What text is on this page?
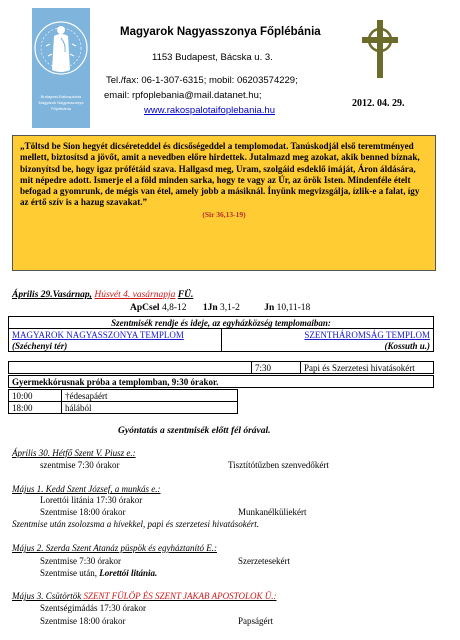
Budapest-Rákospalota
Magyarok Nagyasszonya
Főplébánia
Magyarok Nagyasszonya Főplébánia
1153 Budapest, Bácska u. 3.
Tel./fax: 06-1-307-6315; mobil: 06203574229;
email: rpfoplebania@mail.datanet.hu;
www.rakospalotaifoplebania.hu
2012. 04. 29.
„Töltsd be Sion hegyét dicséreteddel és dicsőségeddel a templomodat. Tanúskodjál első teremtményed mellett, biztosítsd a jövőt, amit a nevedben előre hirdettek. Jutalmazd meg azokat, akik benned bíznak, bizonyítsd be, hogy igaz prófétáid szava. Hallgasd meg, Uram, szolgáid esdeklő imáját, Áron áldására, mit népedre adott. Ismerje el a föld minden sarka, hogy te vagy az Úr, az örök Isten. Mindenféle ételt befogad a gyomrunk, de mégis van étel, amely jobb a másiknál. Ínyünk megvizsgálja, ízlik-e a falat, így az értő szív is a hazug szavakat.”
(Sir 36,13-19)
Április 29.Vasárnap, Húsvét 4. vasárnapja FÜ.
ApCsel 4,8-12 1Jn 3,1-2	Jn 10,11-18
Szentmisék rendje és ideje, az egyházközség templomaiban:	
MAGYAROK NAGYASSZONYA TEMPLOM	SZENTHÁROMSÁG TEMPLOM
(Széchenyi tér)	(Kossuth u.)
	7:30	Papi és Szerzetesi hivatásokért
Gyermekkórusnak próba a templomban, 9:30 órakor.
10:00	†édesapáért
18:00	hálából
Gyóntatás a szentmisék előtt fél órával.
Április 30. Hétfő Szent V. Piusz e.:
szentmise 7:30 órakor	Tisztítótűzben szenvedőkért
Május 1. Kedd Szent József, a munkás e.:
Lorettói litánia 17:30 órakor
Szentmise 18:00 órakor	Munkanélküliekért
Szentmise után zsolozsma a hívekkel, papi és szerzetesi hivatásokért.
Május 2. Szerda Szent Atanáz püspök és egyháztanító E.:
Szentmise 7:30 órakor	Szerzetesekért
Szentmise után, Lorettói litánia.
Május 3. Csütörtök SZENT FÜLÖP ÉS SZENT JAKAB APOSTOLOK Ü.:
Szentségimádás 17:30 órakor
Szentmise 18:00 órakor	Papságért
